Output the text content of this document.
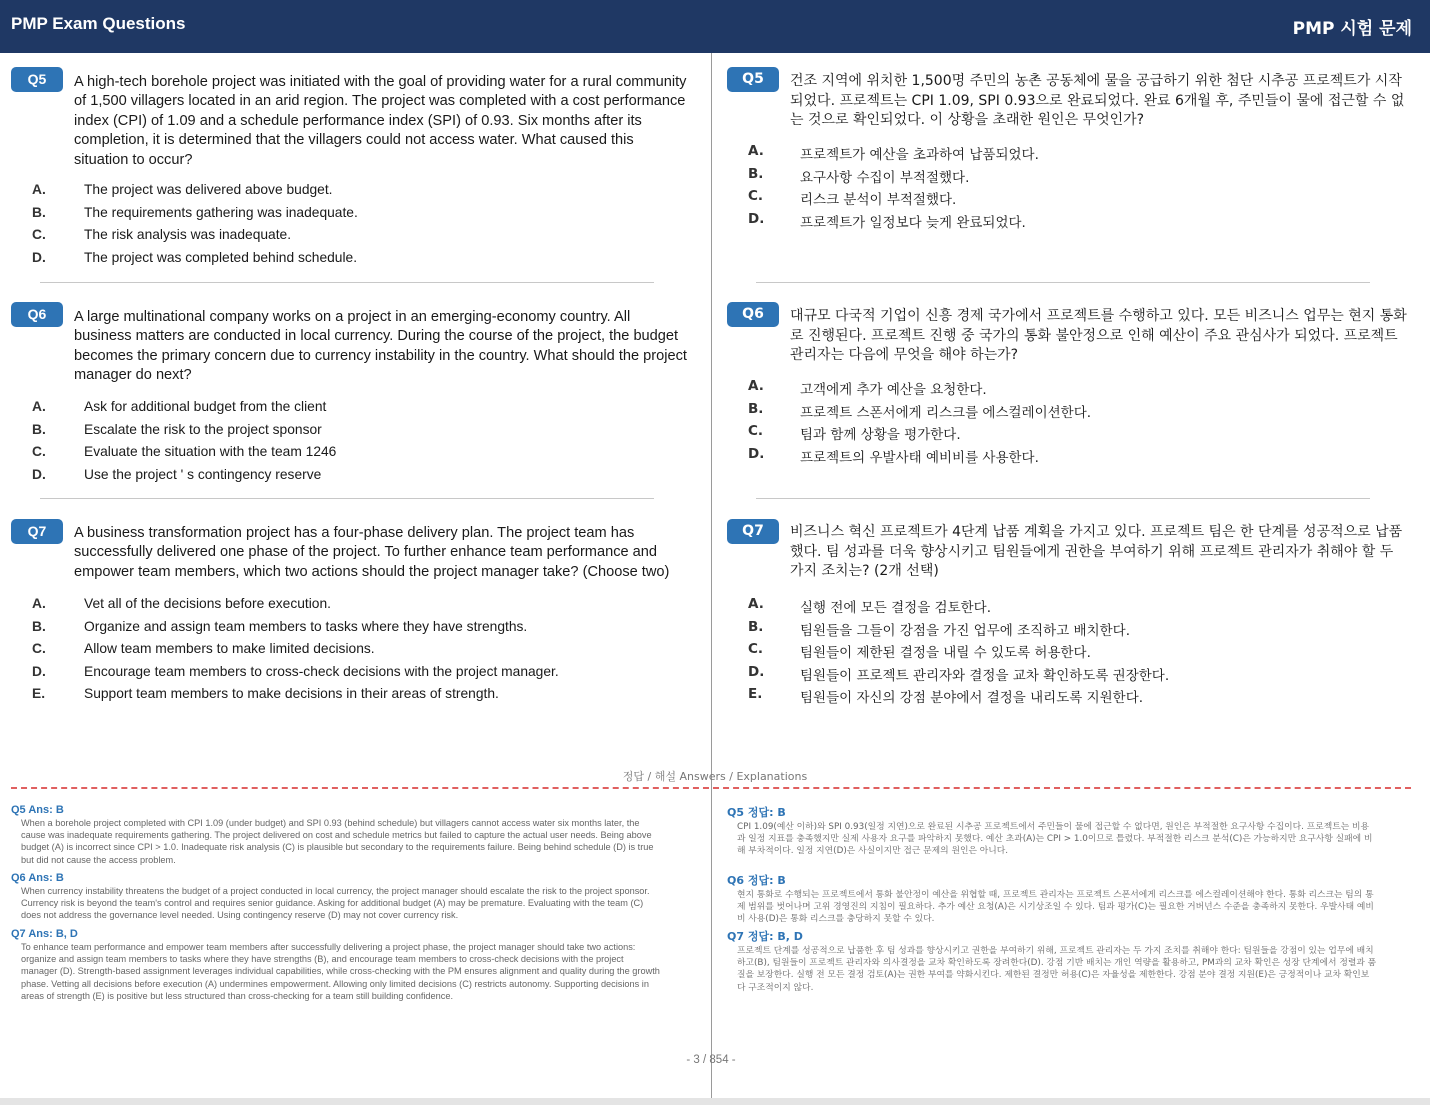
PMP Exam Questions	PMP 시험 문제
Q5	A high-tech borehole project was initiated with the goal of providing water for a rural community of 1,500 villagers located in an arid region. The project was completed with a cost performance index (CPI) of 1.09 and a schedule performance index (SPI) of 0.93. Six months after its completion, it is determined that the villagers could not access water. What caused this situation to occur?
A.	The project was delivered above budget.
B.	The requirements gathering was inadequate.
C.	The risk analysis was inadequate.
D.	The project was completed behind schedule.
Q6	A large multinational company works on a project in an emerging-economy country. All business matters are conducted in local currency. During the course of the project, the budget becomes the primary concern due to currency instability in the country. What should the project manager do next?
A.	Ask for additional budget from the client
B.	Escalate the risk to the project sponsor
C.	Evaluate the situation with the team 1246
D.	Use the project ' s contingency reserve
Q7	A business transformation project has a four-phase delivery plan. The project team has successfully delivered one phase of the project. To further enhance team performance and empower team members, which two actions should the project manager take? (Choose two)
A.	Vet all of the decisions before execution.
B.	Organize and assign team members to tasks where they have strengths.
C.	Allow team members to make limited decisions.
D.	Encourage team members to cross-check decisions with the project manager.
E.	Support team members to make decisions in their areas of strength.
Q5	건조 지역에 위치한 1,500명 주민의 농촌 공동체에 물을 공급하기 위한 첨단 시추공 프로젝트가 시작되었다. 프로젝트는 CPI 1.09, SPI 0.93으로 완료되었다. 완료 6개월 후, 주민들이 물에 접근할 수 없는 것으로 확인되었다. 이 상황을 초래한 원인은 무엇인가?
A.	프로젝트가 예산을 초과하여 납품되었다.
B.	요구사항 수집이 부적절했다.
C.	리스크 분석이 부적절했다.
D.	프로젝트가 일정보다 늦게 완료되었다.
Q6	대규모 다국적 기업이 신흥 경제 국가에서 프로젝트를 수행하고 있다. 모든 비즈니스 업무는 현지 통화로 진행된다. 프로젝트 진행 중 국가의 통화 불안정으로 인해 예산이 주요 관심사가 되었다. 프로젝트 관리자는 다음에 무엇을 해야 하는가?
A.	고객에게 추가 예산을 요청한다.
B.	프로젝트 스폰서에게 리스크를 에스컬레이션한다.
C.	팀과 함께 상황을 평가한다.
D.	프로젝트의 우발사태 예비비를 사용한다.
Q7	비즈니스 혁신 프로젝트가 4단계 납품 계획을 가지고 있다. 프로젝트 팀은 한 단계를 성공적으로 납품했다. 팀 성과를 더욱 향상시키고 팀원들에게 권한을 부여하기 위해 프로젝트 관리자가 취해야 할 두 가지 조치는? (2개 선택)
A.	실행 전에 모든 결정을 검토한다.
B.	팀원들을 그들이 강점을 가진 업무에 조직하고 배치한다.
C.	팀원들이 제한된 결정을 내릴 수 있도록 허용한다.
D.	팀원들이 프로젝트 관리자와 결정을 교차 확인하도록 권장한다.
E.	팀원들이 자신의 강점 분야에서 결정을 내리도록 지원한다.
정답 / 해설 Answers / Explanations
Q5 Ans: B
When a borehole project completed with CPI 1.09 (under budget) and SPI 0.93 (behind schedule) but villagers cannot access water six months later, the cause was inadequate requirements gathering. The project delivered on cost and schedule metrics but failed to capture the actual user needs. Being above budget (A) is incorrect since CPI > 1.0. Inadequate risk analysis (C) is plausible but secondary to the requirements failure. Being behind schedule (D) is true but did not cause the access problem.
Q6 Ans: B
When currency instability threatens the budget of a project conducted in local currency, the project manager should escalate the risk to the project sponsor. Currency risk is beyond the team's control and requires senior guidance. Asking for additional budget (A) may be premature. Evaluating with the team (C) does not address the governance level needed. Using contingency reserve (D) may not cover currency risk.
Q7 Ans: B, D
To enhance team performance and empower team members after successfully delivering a project phase, the project manager should take two actions: organize and assign team members to tasks where they have strengths (B), and encourage team members to cross-check decisions with the project manager (D). Strength-based assignment leverages individual capabilities, while cross-checking with the PM ensures alignment and quality during the growth phase. Vetting all decisions before execution (A) undermines empowerment. Allowing only limited decisions (C) restricts autonomy. Supporting decisions in areas of strength (E) is positive but less structured than cross-checking for a team still building confidence.
Q5 정답: B
CPI 1.09(예산 이하)와 SPI 0.93(일정 지연)으로 완료된 시추공 프로젝트에서 주민들이 물에 접근할 수 없다면, 원인은 부적절한 요구사항 수집이다. 프로젝트는 비용과 일정 지표를 충족했지만 실제 사용자 요구를 파악하지 못했다. 예산 초과(A)는 CPI > 1.0이므로 틀렸다. 부적절한 리스크 분석(C)은 가능하지만 요구사항 실패에 비해 부차적이다. 일정 지연(D)은 사실이지만 접근 문제의 원인은 아니다.
Q6 정답: B
현지 통화로 수행되는 프로젝트에서 통화 불안정이 예산을 위협할 때, 프로젝트 관리자는 프로젝트 스폰서에게 리스크를 에스컬레이션해야 한다. 통화 리스크는 팀의 통제 범위를 벗어나며 고위 경영진의 지침이 필요하다. 추가 예산 요청(A)은 시기상조일 수 있다. 팀과 평가(C)는 필요한 거버넌스 수준을 충족하지 못한다. 우발사태 예비비 사용(D)은 통화 리스크를 충당하지 못할 수 있다.
Q7 정답: B, D
프로젝트 단계를 성공적으로 납품한 후 팀 성과를 향상시키고 권한을 부여하기 위해, 프로젝트 관리자는 두 가지 조치를 취해야 한다: 팀원들을 강점이 있는 업무에 배치하고(B), 팀원들이 프로젝트 관리자와 의사결정을 교차 확인하도록 장려한다(D). 강점 기반 배치는 개인 역량을 활용하고, PM과의 교차 확인은 성장 단계에서 정렬과 품질을 보장한다. 실행 전 모든 결정 검토(A)는 권한 부여를 약화시킨다. 제한된 결정만 허용(C)은 자율성을 제한한다. 강점 분야 결정 지원(E)은 긍정적이나 교차 확인보다 구조적이지 않다.
- 3 / 854 -
